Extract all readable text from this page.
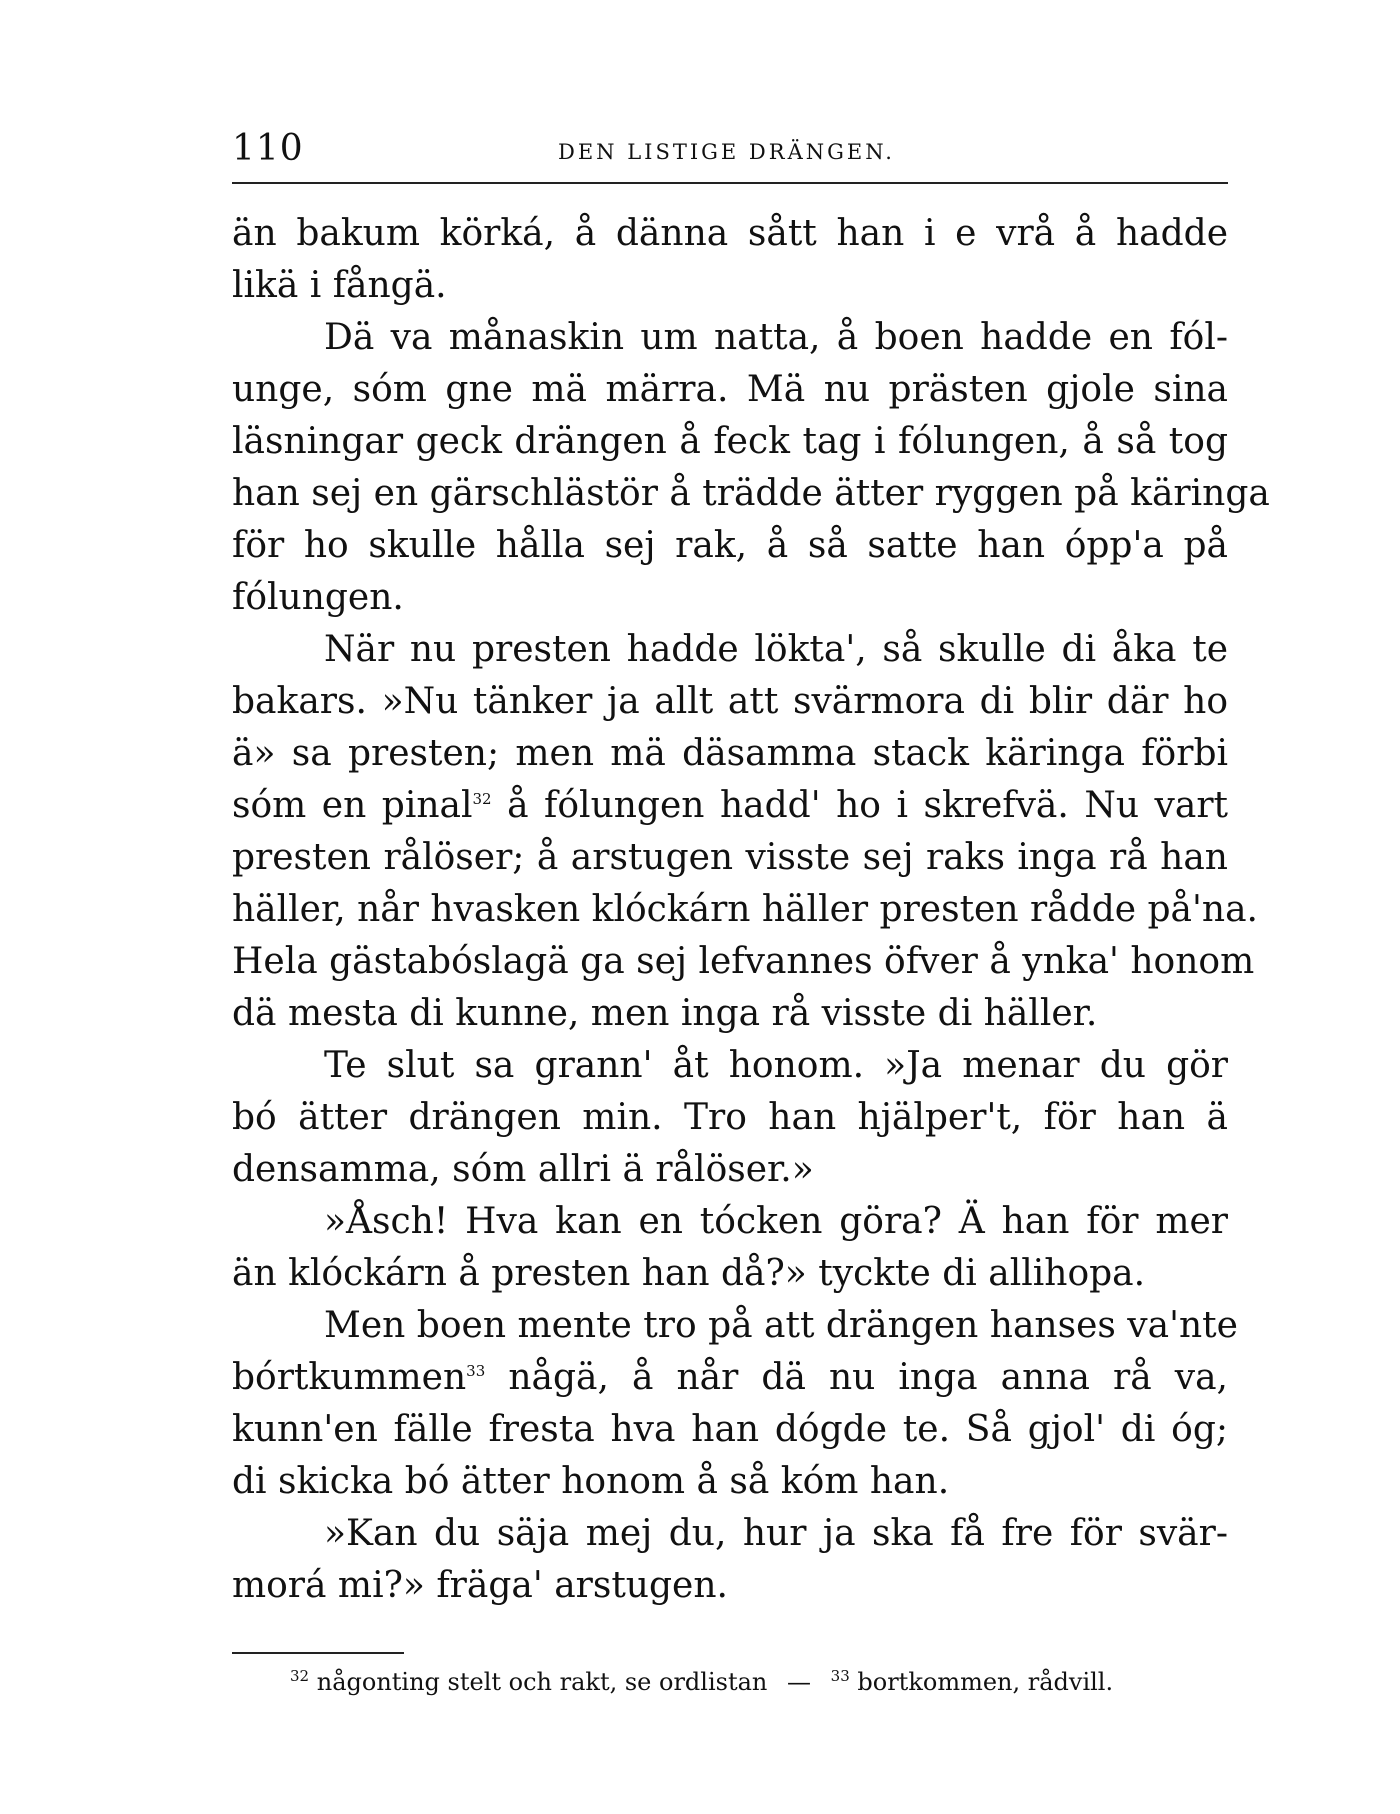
110	DEN LISTIGE DRÄNGEN.
än bakum körká, å dänna sått han i e vrå å hadde
likä i fångä.
Dä va månaskin um natta, å boen hadde en fól-
unge, sóm gne mä märra. Mä nu prästen gjole sina
läsningar geck drängen å feck tag i fólungen, å så tog
han sej en gärschlästör å trädde ätter ryggen på käringa
för ho skulle hålla sej rak, å så satte han ópp'a på
fólungen.
När nu presten hadde lökta', så skulle di åka te
bakars. »Nu tänker ja allt att svärmora di blir där ho
ä» sa presten; men mä däsamma stack käringa förbi
sóm en pinal$^{32}$ å fólungen hadd' ho i skrefvä. Nu vart
presten rålöser; å arstugen visste sej raks inga rå han
häller, når hvasken klóckárn häller presten rådde på'na.
Hela gästabóslagä ga sej lefvannes öfver å ynka' honom
dä mesta di kunne, men inga rå visste di häller.
Te slut sa grann' åt honom. »Ja menar du gör
bó ätter drängen min. Tro han hjälper't, för han ä
densamma, sóm allri ä rålöser.»
»Åsch! Hva kan en tócken göra? Ä han för mer
än klóckárn å presten han då?» tyckte di allihopa.
Men boen mente tro på att drängen hanses va'nte
bórtkummen$^{33}$ någä, å når dä nu inga anna rå va,
kunn'en fälle fresta hva han dógde te. Så gjol' di óg;
di skicka bó ätter honom å så kóm han.
»Kan du säja mej du, hur ja ska få fre för svär-
morá mi?» fräga' arstugen.
$^{32}$ någonting stelt och rakt, se ordlistan — $^{33}$ bortkommen, rådvill.
